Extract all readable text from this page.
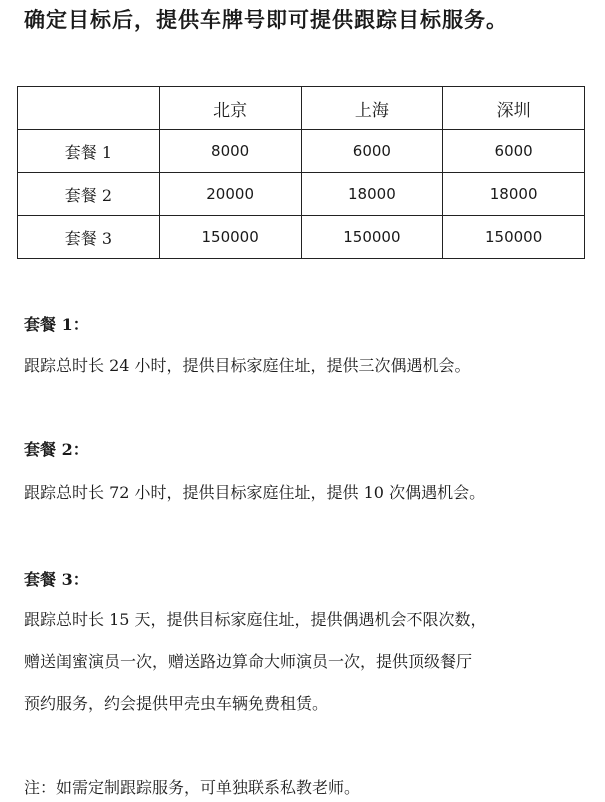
确定目标后，提供车牌号即可提供跟踪目标服务。
	北京	上海	深圳
套餐 1	8000	6000	6000
套餐 2	20000	18000	18000
套餐 3	150000	150000	150000
套餐 1：

跟踪总时长 24 小时，提供目标家庭住址，提供三次偶遇机会。

套餐 2：

跟踪总时长 72 小时，提供目标家庭住址，提供 10 次偶遇机会。

套餐 3：

跟踪总时长 15 天，提供目标家庭住址，提供偶遇机会不限次数，

赠送闺蜜演员一次，赠送路边算命大师演员一次，提供顶级餐厅

预约服务，约会提供甲壳虫车辆免费租赁。

注：如需定制跟踪服务，可单独联系私教老师。
